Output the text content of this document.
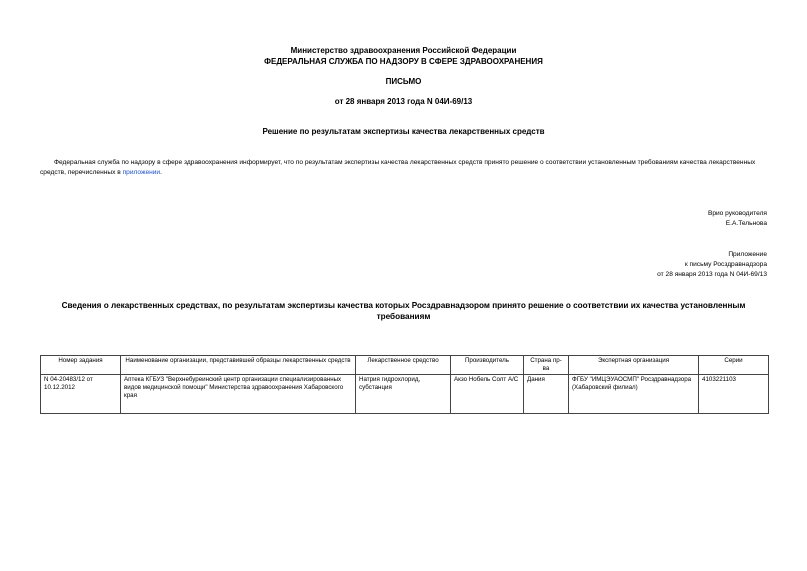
Министерство здравоохранения Российской Федерации
ФЕДЕРАЛЬНАЯ СЛУЖБА ПО НАДЗОРУ В СФЕРЕ ЗДРАВООХРАНЕНИЯ
ПИСЬМО
от 28 января 2013 года N 04И-69/13
Решение по результатам экспертизы качества лекарственных средств
Федеральная служба по надзору в сфере здравоохранения информирует, что по результатам экспертизы качества лекарственных средств принято решение о соответствии установленным требованиям качества лекарственных средств, перечисленных в приложении.
Врио руководителя
Е.А.Тельнова
Приложение
к письму Росздравнадзора
от 28 января 2013 года N 04И-69/13
Сведения о лекарственных средствах, по результатам экспертизы качества которых Росздравнадзором принято решение о соответствии их качества установленным требованиям
Номер задания	Наименование организации, представившей образцы лекарственных средств	Лекарственное средство	Производитель	Страна пр-ва	Экспертная организация	Серии
N 04-20483/12 от 10.12.2012	Аптека КГБУЗ "Верхнебуреинский центр организации специализированных видов медицинской помощи" Министерства здравоохранения Хабаровского края	Натрия гидрохлорид, субстанция	Акзо Нобель Солт А/С	Дания	ФГБУ "ИМЦЭУАОСМП" Росздравнадзора (Хабаровский филиал)	4103221103
